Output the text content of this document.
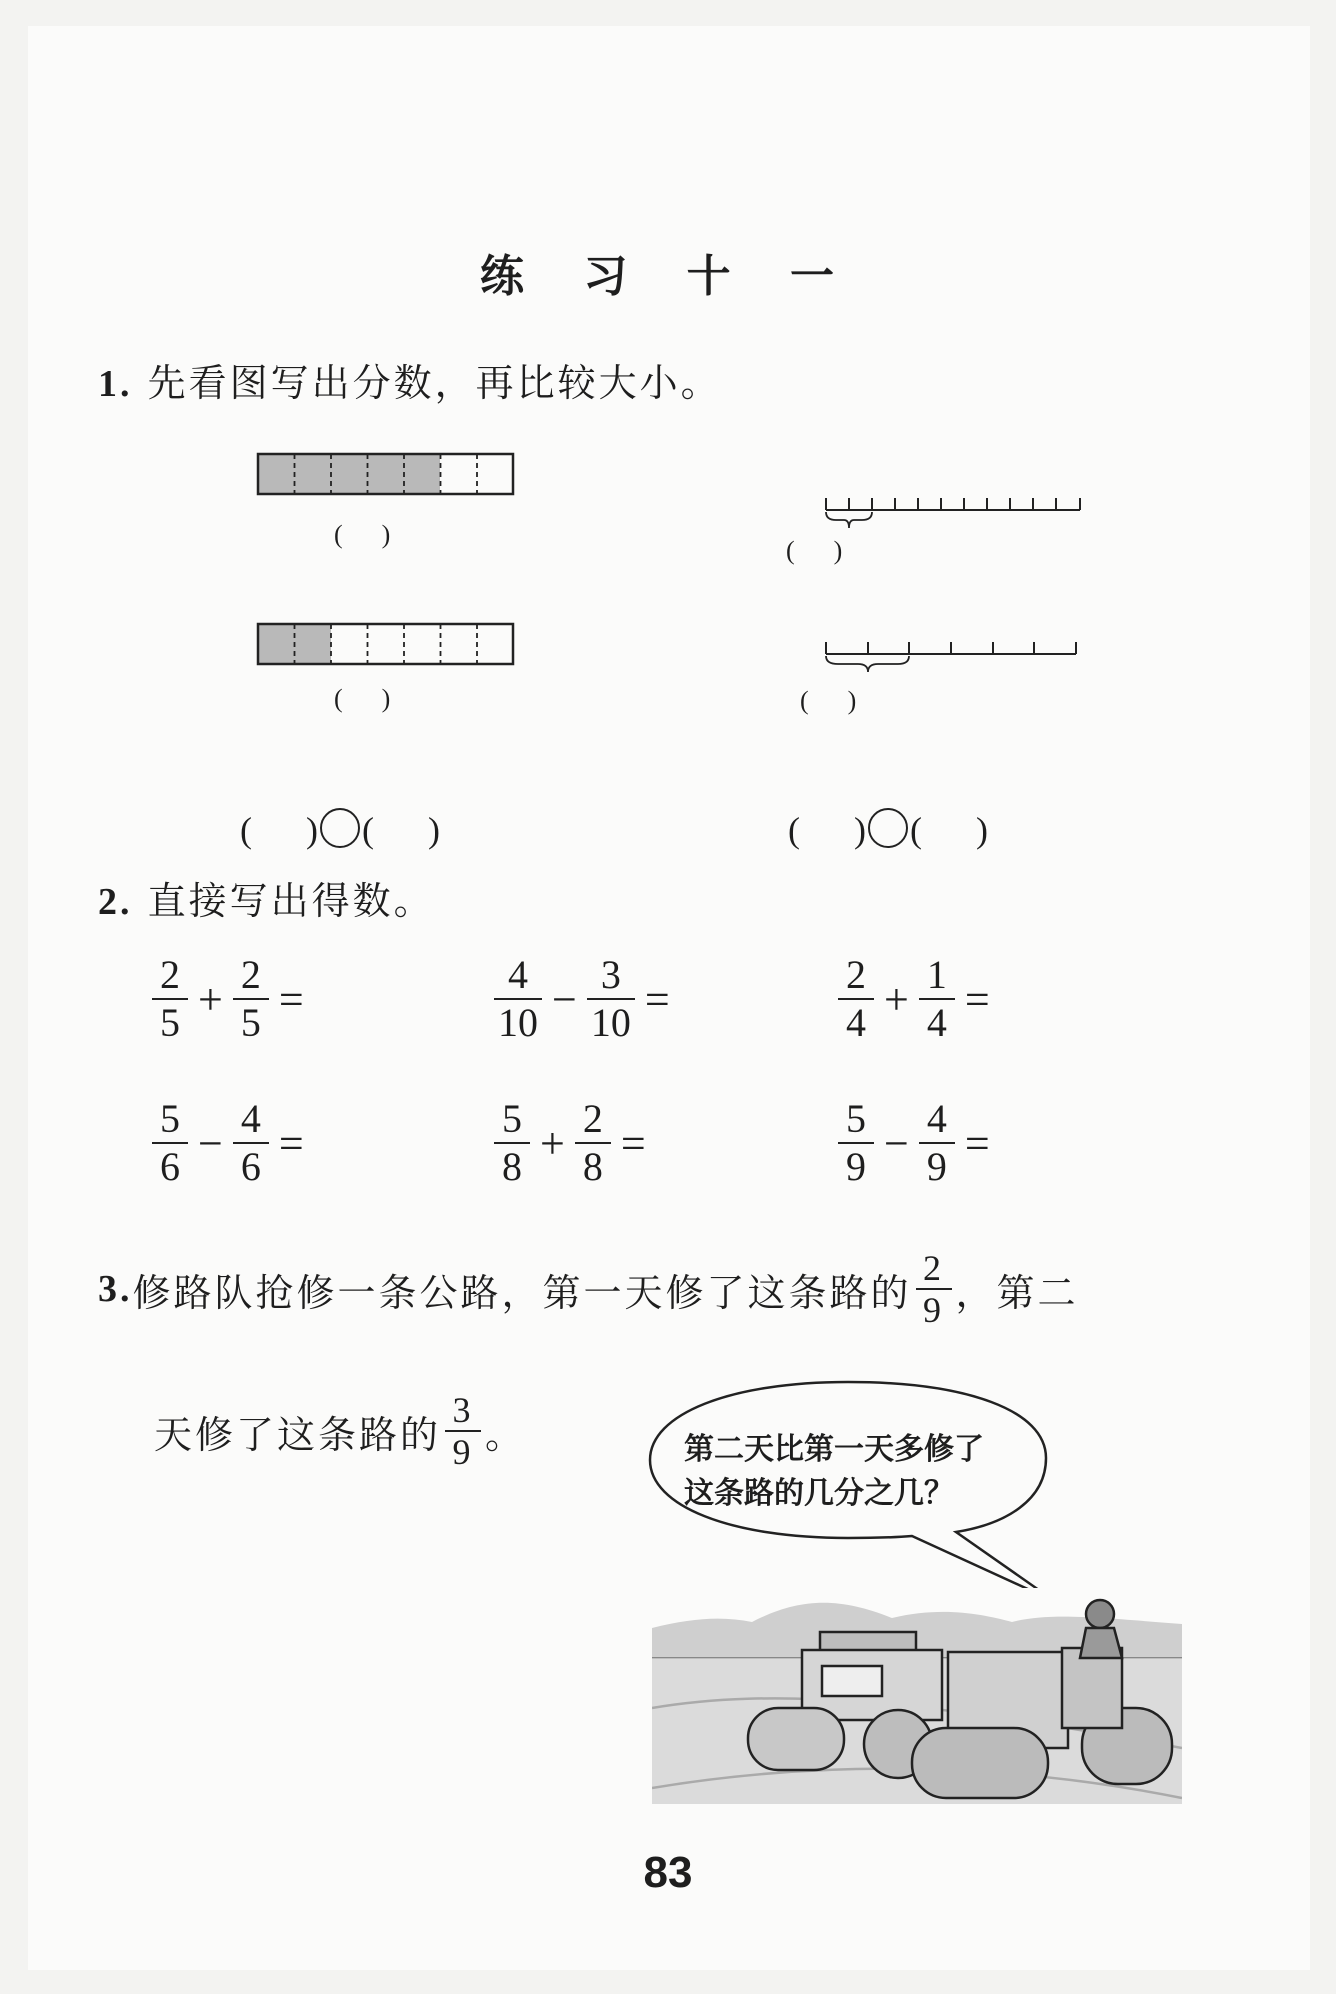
练 习 十 一
1. 先看图写出分数，再比较大小。
(      )
(      )
(      )
(      )

(      ) (      )	(      ) (      )

2. 直接写出得数。
$\frac{2}{5} + \frac{2}{5}$ =	$\frac{4}{10} - \frac{3}{10}$ =	$\frac{2}{4} + \frac{1}{4}$ =
$\frac{5}{6} - \frac{4}{6}$ =	$\frac{5}{8} + \frac{2}{8}$ =	$\frac{5}{9} - \frac{4}{9}$ =
3. 修路队抢修一条公路，第一天修了这条路的 $\frac{2}{9}$ ，第二
天修了这条路的 $\frac{3}{9}$ 。	第二天比第一天多修了
这条路的几分之几？
83
